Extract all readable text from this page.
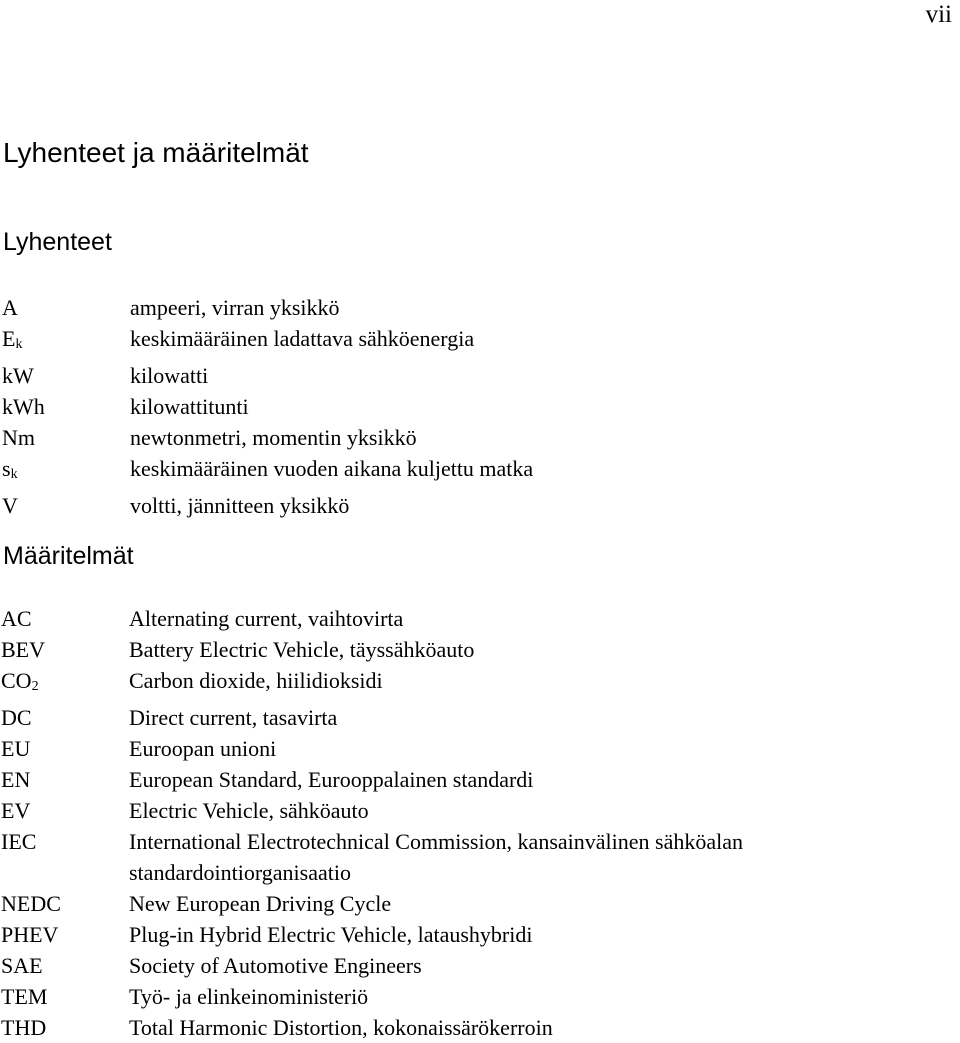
vii
Lyhenteet ja määritelmät
Lyhenteet
A	ampeeri, virran yksikkö
Ek	keskimääräinen ladattava sähköenergia
kW	kilowatti
kWh	kilowattitunti
Nm	newtonmetri, momentin yksikkö
sk	keskimääräinen vuoden aikana kuljettu matka
V	voltti, jännitteen yksikkö
Määritelmät
AC	Alternating current, vaihtovirta
BEV	Battery Electric Vehicle, täyssähköauto
CO2	Carbon dioxide, hiilidioksidi
DC	Direct current, tasavirta
EU	Euroopan unioni
EN	European Standard, Eurooppalainen standardi
EV	Electric Vehicle, sähköauto
IEC	International Electrotechnical Commission, kansainvälinen sähköalan
standardointiorganisaatio
NEDC	New European Driving Cycle
PHEV	Plug-in Hybrid Electric Vehicle, lataushybridi
SAE	Society of Automotive Engineers
TEM	Työ- ja elinkeinoministeriö
THD	Total Harmonic Distortion, kokonaissärökerroin
